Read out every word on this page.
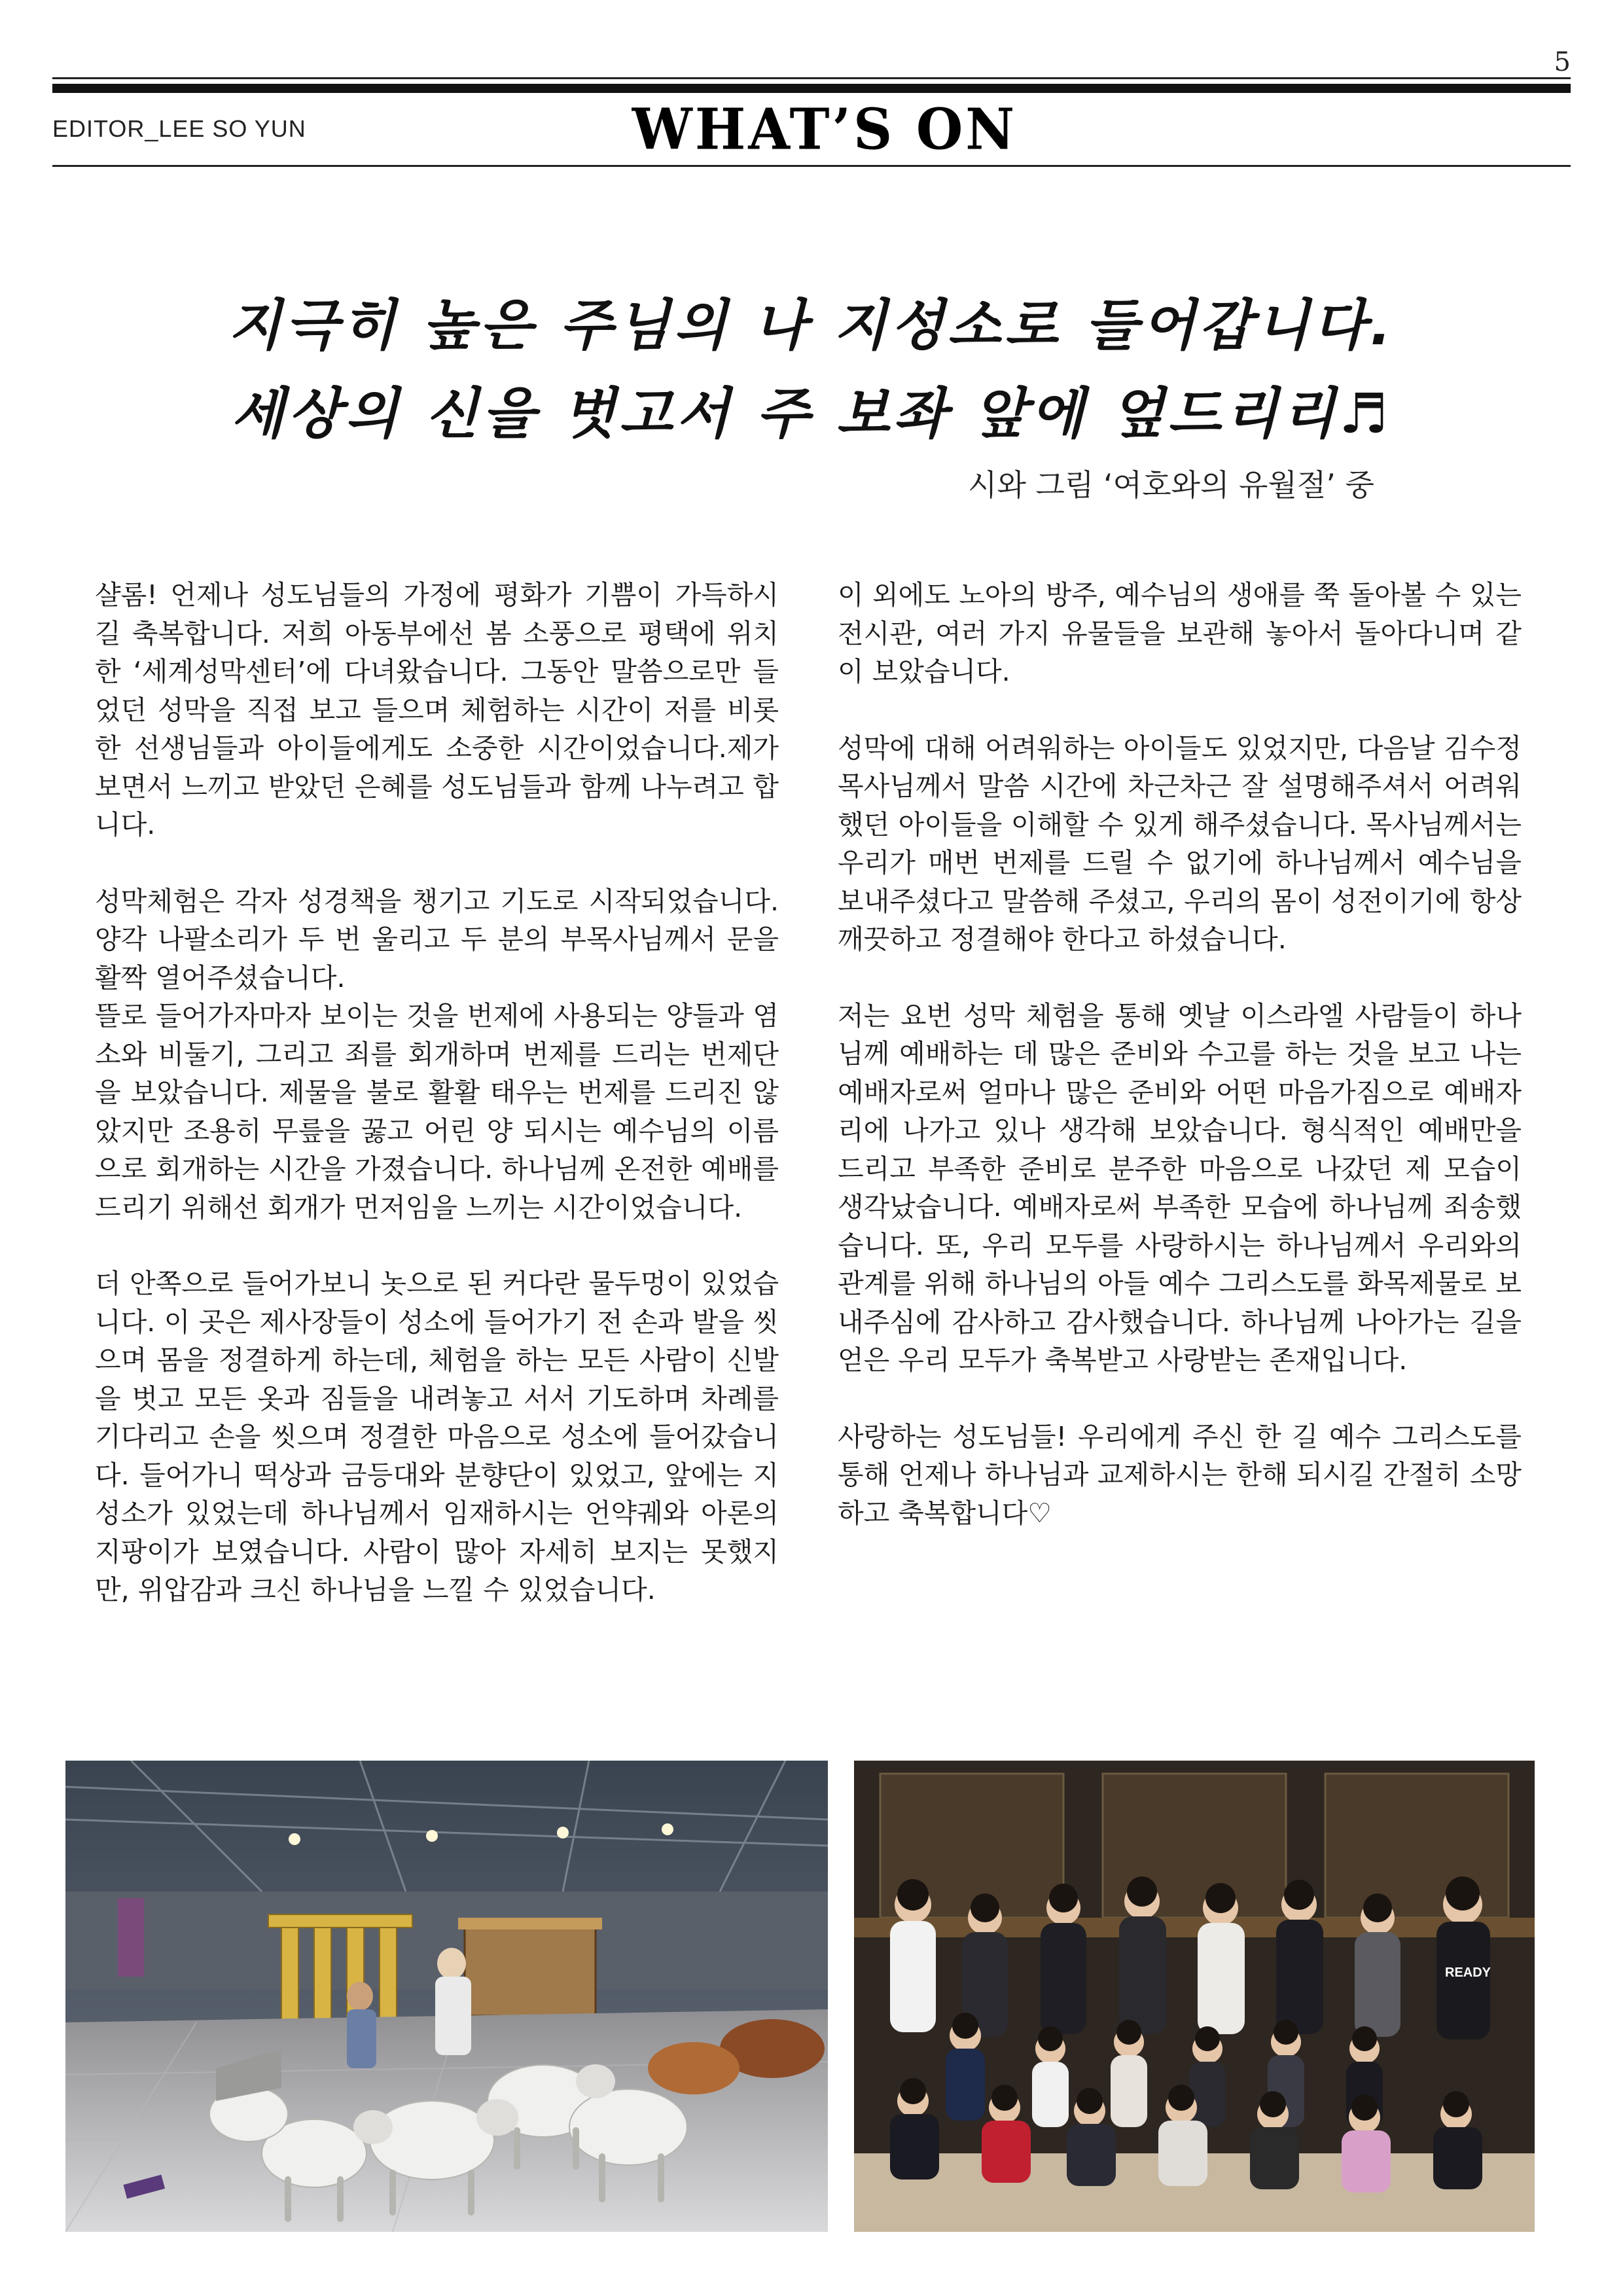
5
EDITOR_LEE SO YUN	WHAT’S ON
지극히 높은 주님의 나 지성소로 들어갑니다.
세상의 신을 벗고서 주 보좌 앞에 엎드리리♬
시와 그림 ‘여호와의 유월절’ 중

샬롬! 언제나 성도님들의 가정에 평화가 기쁨이 가득하시길 축복합니다. 저희 아동부에선 봄 소풍으로 평택에 위치한 ‘세계성막센터’에 다녀왔습니다. 그동안 말씀으로만 들었던 성막을 직접 보고 들으며 체험하는 시간이 저를 비롯한 선생님들과 아이들에게도 소중한 시간이었습니다.제가 보면서 느끼고 받았던 은혜를 성도님들과 함께 나누려고 합니다.

성막체험은 각자 성경책을 챙기고 기도로 시작되었습니다. 양각 나팔소리가 두 번 울리고 두 분의 부목사님께서 문을 활짝 열어주셨습니다.

뜰로 들어가자마자 보이는 것을 번제에 사용되는 양들과 염소와 비둘기, 그리고 죄를 회개하며 번제를 드리는 번제단을 보았습니다. 제물을 불로 활활 태우는 번제를 드리진 않았지만 조용히 무릎을 꿇고 어린 양 되시는 예수님의 이름으로 회개하는 시간을 가졌습니다. 하나님께 온전한 예배를 드리기 위해선 회개가 먼저임을 느끼는 시간이었습니다.

더 안쪽으로 들어가보니 놋으로 된 커다란 물두멍이 있었습니다. 이 곳은 제사장들이 성소에 들어가기 전 손과 발을 씻으며 몸을 정결하게 하는데, 체험을 하는 모든 사람이 신발을 벗고 모든 옷과 짐들을 내려놓고 서서 기도하며 차례를 기다리고 손을 씻으며 정결한 마음으로 성소에 들어갔습니다. 들어가니 떡상과 금등대와 분향단이 있었고, 앞에는 지성소가 있었는데 하나님께서 임재하시는 언약궤와 아론의 지팡이가 보였습니다. 사람이 많아 자세히 보지는 못했지만, 위압감과 크신 하나님을 느낄 수 있었습니다.

이 외에도 노아의 방주, 예수님의 생애를 쭉 돌아볼 수 있는 전시관, 여러 가지 유물들을 보관해 놓아서 돌아다니며 같이 보았습니다.

성막에 대해 어려워하는 아이들도 있었지만, 다음날 김수정 목사님께서 말씀 시간에 차근차근 잘 설명해주셔서 어려워 했던 아이들을 이해할 수 있게 해주셨습니다. 목사님께서는 우리가 매번 번제를 드릴 수 없기에 하나님께서 예수님을 보내주셨다고 말씀해 주셨고, 우리의 몸이 성전이기에 항상 깨끗하고 정결해야 한다고 하셨습니다.

저는 요번 성막 체험을 통해 옛날 이스라엘 사람들이 하나님께 예배하는 데 많은 준비와 수고를 하는 것을 보고 나는 예배자로써 얼마나 많은 준비와 어떤 마음가짐으로 예배자리에 나가고 있나 생각해 보았습니다. 형식적인 예배만을 드리고 부족한 준비로 분주한 마음으로 나갔던 제 모습이 생각났습니다. 예배자로써 부족한 모습에 하나님께 죄송했습니다. 또, 우리 모두를 사랑하시는 하나님께서 우리와의 관계를 위해 하나님의 아들 예수 그리스도를 화목제물로 보내주심에 감사하고 감사했습니다. 하나님께 나아가는 길을 얻은 우리 모두가 축복받고 사랑받는 존재입니다.

사랑하는 성도님들! 우리에게 주신 한 길 예수 그리스도를 통해 언제나 하나님과 교제하시는 한해 되시길 간절히 소망하고 축복합니다♡

READY
